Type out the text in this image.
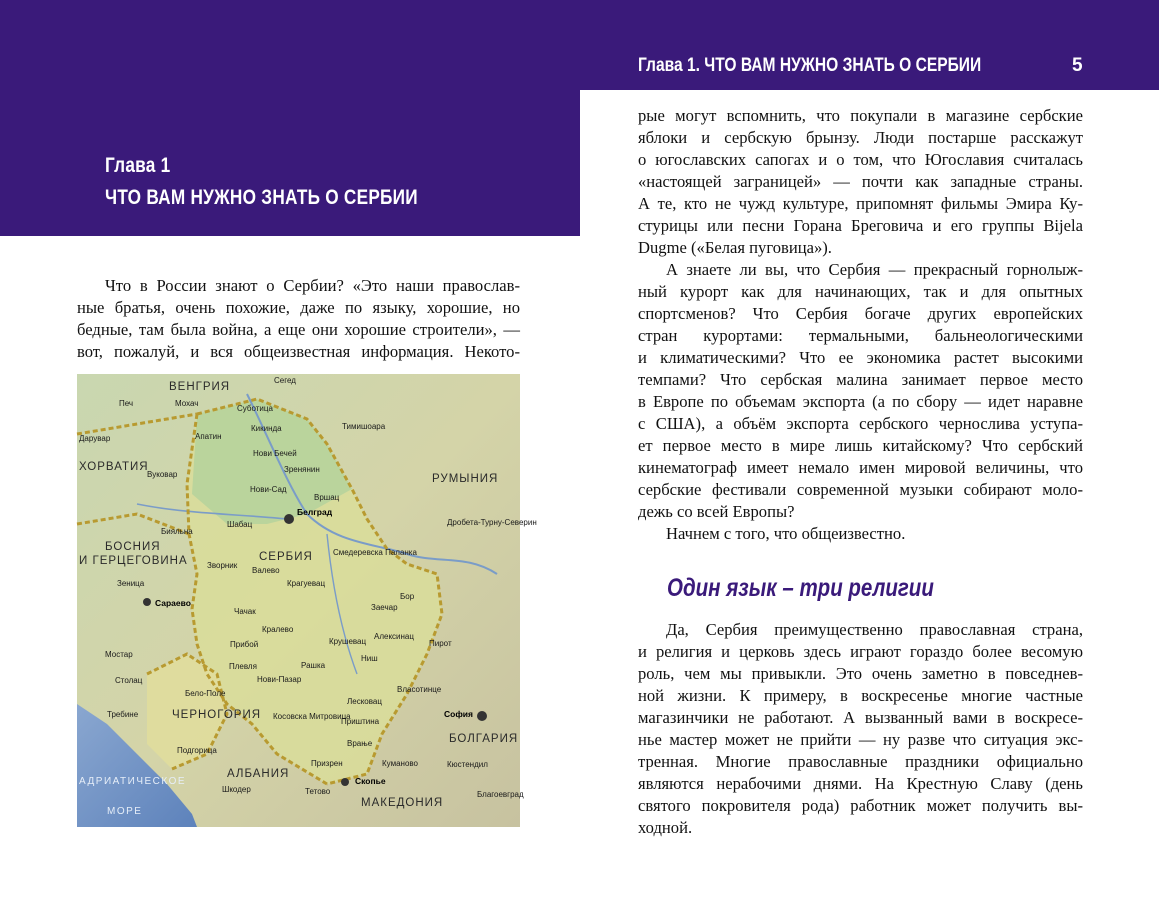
Глава 1. ЧТО ВАМ НУЖНО ЗНАТЬ О СЕРБИИ	5
Глава 1
ЧТО ВАМ НУЖНО ЗНАТЬ О СЕРБИИ
Что в России знают о Сербии? «Это наши православ-
ные братья, очень похожие, даже по языку, хорошие, но
бедные, там была война, а еще они хорошие строители», —
вот, пожалуй, и вся общеизвестная информация. Некото-
ВЕНГРИЯ
ХОРВАТИЯ
РУМЫНИЯ
БОСНИЯ
И ГЕРЦЕГОВИНА	СЕРБИЯ
ЧЕРНОГОРИЯ
АЛБАНИЯ
МАКЕДОНИЯ
БОЛГАРИЯ
АДРИАТИЧЕСКОЕ
МОРЕ
Белград
Сараево
София
Скопье
Сегед
Печ	Мохач
Суботица
Кикинда	Тимишоара
Дарувар	Апатин
Нови Бечей
Вуковар
Зренянин
Нови-Сад
Вршац
Шабац
Бияльна
Смедеревска Паланка
Зворник
Валево
Крагуевац
Зеница
Бор
Заечар
Чачак
Кралево
Крушевац
Прибой
Алексинац
Ниш
Мостар
Плевля
Нови-Пазар
Рашка
Столац
Бело-Поле
Лесковац
Требине	Косовска Митровица
Приштина
Врање
Подгорица
Призрен
Шкодер
Дробета-Турну-Северин
Пирот
Кюстендил
Благоевград
Куманово
Тетово
Влаcотинце
рые могут вспомнить, что покупали в магазине сербские
яблоки и сербскую брынзу. Люди постарше расскажут
о югославских сапогах и о том, что Югославия считалась
«настоящей заграницей» — почти как западные страны.
А те, кто не чужд культуре, припомнят фильмы Эмира Ку-
стурицы или песни Горана Бреговича и его группы Bijela
Dugme («Белая пуговица»).
А знаете ли вы, что Сербия — прекрасный горнолыж-
ный курорт как для начинающих, так и для опытных
спортсменов? Что Сербия богаче других европейских
стран курортами: термальными, бальнеологическими
и климатическими? Что ее экономика растет высокими
темпами? Что сербская малина занимает первое место
в Европе по объемам экспорта (а по сбору — идет наравне
с США), а объём экспорта сербского чернослива уступа-
ет первое место в мире лишь китайскому? Что сербский
кинематограф имеет немало имен мировой величины, что
сербские фестивали современной музыки собирают моло-
дежь со всей Европы?
Начнем с того, что общеизвестно.
Один язык – три религии
Да, Сербия преимущественно православная страна,
и религия и церковь здесь играют гораздо более весомую
роль, чем мы привыкли. Это очень заметно в повседнев-
ной жизни. К примеру, в воскресенье многие частные
магазинчики не работают. А вызванный вами в воскресе-
нье мастер может не прийти — ну разве что ситуация экс-
тренная. Многие православные праздники официально
являются нерабочими днями. На Крестную Славу (день
святого покровителя рода) работник может получить вы-
ходной.
